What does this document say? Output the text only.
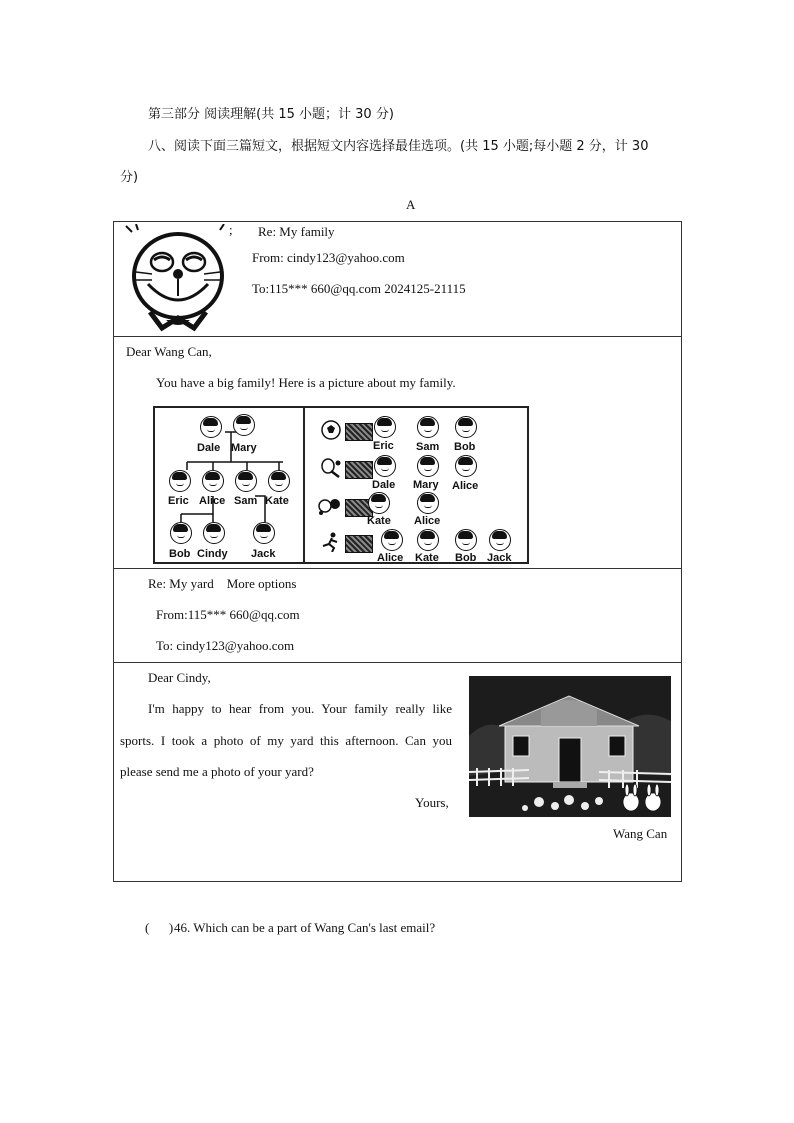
第三部分 阅读理解(共 15 小题；计 30 分)
八、阅读下面三篇短文，根据短文内容选择最佳选项。(共 15 小题;每小题 2 分，计 30
分)
A
; Re: My family
From: cindy123@yahoo.com
To:115*** 660@qq.com 2024125-21115
Dear Wang Can,
You have a big family! Here is a picture about my family.
Dale Mary
Eric Alice Sam Kate
Bob Cindy Jack
Eric Sam Bob
Dale Mary Alice
Kate Alice
Alice Kate Bob Jack
Re: My yard    More options
From:115*** 660@qq.com
To: cindy123@yahoo.com
Dear Cindy,
I'm happy to hear from you. Your family really like
sports. I took a photo of my yard this afternoon. Can you
please send me a photo of your yard?
Yours,
Wang Can
(      ) 46. Which can be a part of Wang Can's last email?
